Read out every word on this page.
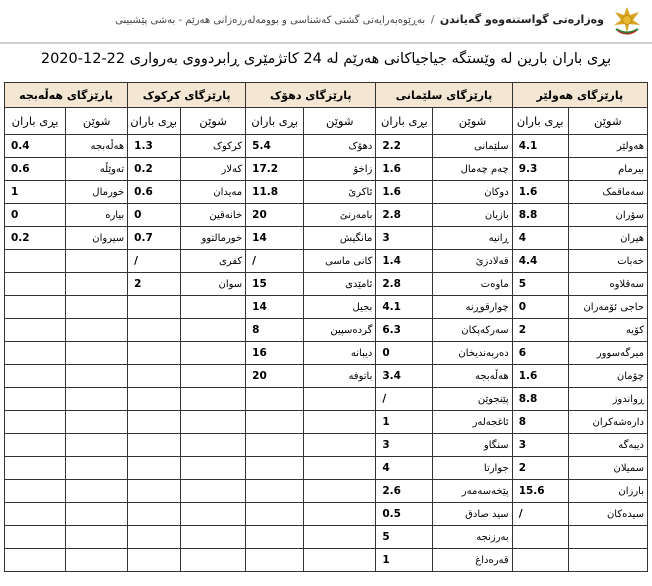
وەزارەتی گواستنەوەو گەیاندن / بەڕێوەبەرایەتی گشتی کەشناسی و بوومەلەرزەزانی هەرێم - بەشی پێشبینی
بڕی باران بارین لە وێستگە جیاجیاکانی هەرێم لە 24 کاتژمێری ڕابردووی بەرواری 22-12-2020
پارێزگای هەولێر		پارێزگای سلێمانی		پارێزگای دهۆک		پارێزگای کرکوک		پارێزگای هەڵەبجە	
شوێن	بڕی باران	شوێن	بڕی باران	شوێن	بڕی باران	شوێن	بڕی باران	شوێن	بڕی باران
هەولێر	4.1	سلێمانی	2.2	دهۆک	5.4	کرکوک	1.3	هەڵەبجە	0.4
بیرمام	9.3	چەم چەمال	1.6	زاخۆ	17.2	کەلار	0.2	تەوێڵە	0.6
سەماقمک	1.6	دوکان	1.6	ئاکرێ	11.8	مەیدان	0.6	خورمال	1
سۆران	8.8	بازیان	2.8	بامەرنێ	20	خانەقین	0	بیارە	0
هیران	4	ڕانیە	3	مانگیش	14	خورمالتوو	0.7	سیروان	0.2
خەبات	4.4	قەلادزێ	1.4	کانی ماسی	/	کفری	/		
سەقلاوە	5	ماوەت	2.8	ئامێدی	15	سوان	2		
حاجی ئۆمەران	0	چوارقوڕنە	4.1	بجیل	14				
کۆیە	2	سەرکەپکان	6.3	گردەسپین	8				
میرگەسوور	6	دەربەندیخان	0	دیبانە	16				
چۆمان	1.6	هەڵەبجە	3.4	باتوفە	20				
ڕواندوز	8.8	پێنجوێن	/						
دارەشەکران	8	ئاغجەلەر	1						
دیبەگە	3	سنگاو	3						
سمیلان	2	جوارتا	4						
بارزان	15.6	پێخەسەمەر	2.6						
سیدەکان	/	سید صادق	0.5						
		بەرزنجە	5						
		قەرەداغ	1						
